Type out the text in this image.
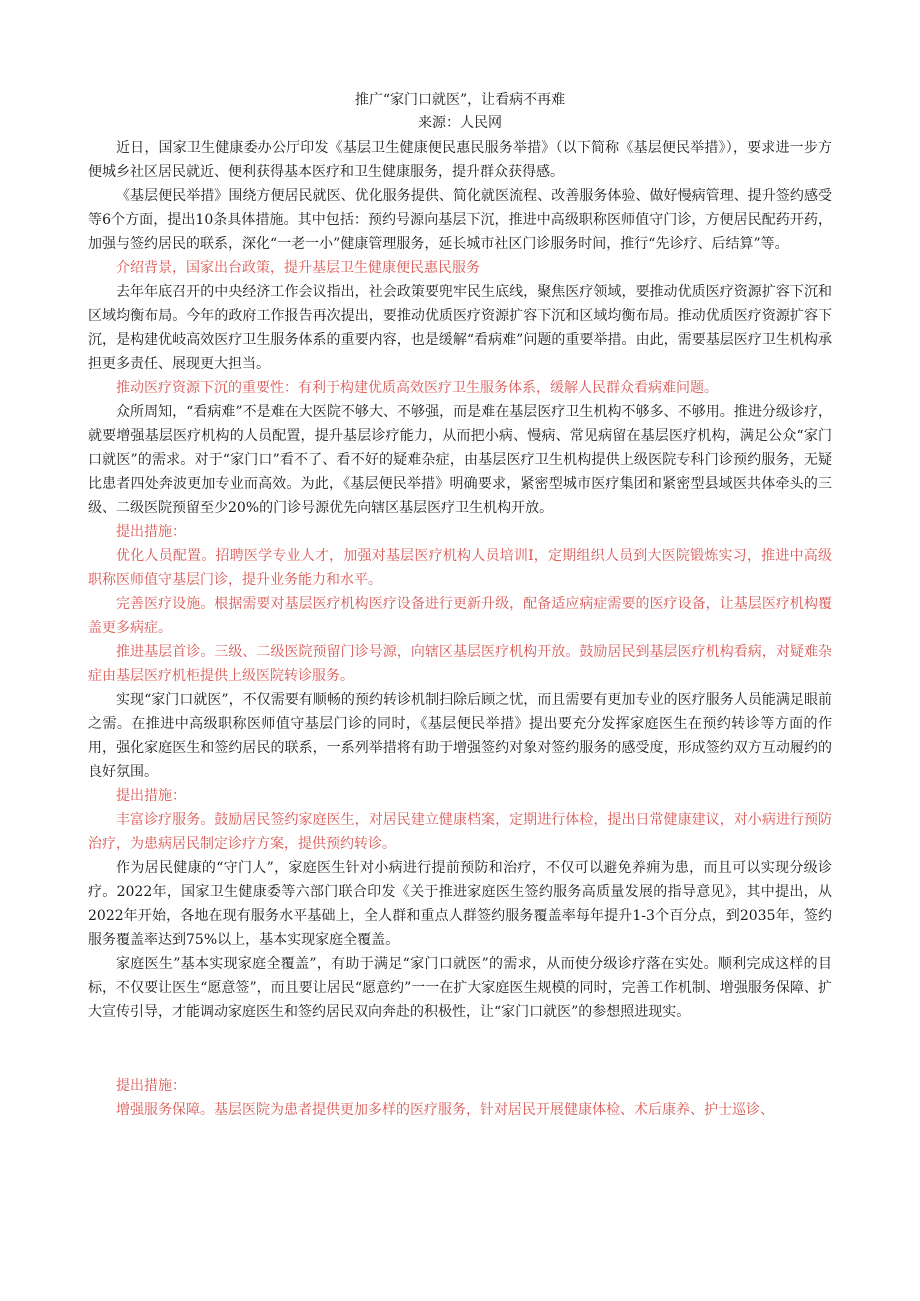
推广“家门口就医”，让看病不再难
来源：人民网

近日，国家卫生健康委办公厅印发《基层卫生健康便民惠民服务举措》（以下简称《基层便民举措》），要求进一步方便城乡社区居民就近、便利获得基本医疗和卫生健康服务，提升群众获得感。

《基层便民举措》围绕方便居民就医、优化服务提供、简化就医流程、改善服务体验、做好慢病管理、提升签约感受等6个方面，提出10条具体措施。其中包括：预约号源向基层下沉，推进中高级职称医师值守门诊，方便居民配药开药，加强与签约居民的联系，深化“一老一小”健康管理服务，延长城市社区门诊服务时间，推行“先诊疗、后结算”等。

介绍背景，国家出台政策，提升基层卫生健康便民惠民服务

去年年底召开的中央经济工作会议指出，社会政策要兜牢民生底线，聚焦医疗领域，要推动优质医疗资源扩容下沉和区域均衡布局。今年的政府工作报告再次提出，要推动优质医疗资源扩容下沉和区域均衡布局。推动优质医疗资源扩容下沉，是构建优岐高效医疗卫生服务体系的重要内容，也是缓解“看病难”问题的重要举措。由此，需要基层医疗卫生机构承担更多责任、展现更大担当。

推动医疗资源下沉的重要性：有利于构建优质高效医疗卫生服务体系，缓解人民群众看病难问题。

众所周知，“看病难”不是难在大医院不够大、不够强，而是难在基层医疗卫生机构不够多、不够用。推进分级诊疗，就要增强基层医疗机构的人员配置，提升基层诊疗能力，从而把小病、慢病、常见病留在基层医疗机构，满足公众“家门口就医”的需求。对于“家门口”看不了、看不好的疑难杂症，由基层医疗卫生机构提供上级医院专科门诊预约服务，无疑比患者四处奔波更加专业而高效。为此，《基层便民举措》明确要求，紧密型城市医疗集团和紧密型县域医共体牵头的三级、二级医院预留至少20%的门诊号源优先向辖区基层医疗卫生机构开放。

提出措施：

优化人员配置。招聘医学专业人才，加强对基层医疗机构人员培训I，定期组织人员到大医院锻炼实习，推进中高级职称医师值守基层门诊，提升业务能力和水平。

完善医疗设施。根据需要对基层医疗机构医疗设备进行更新升级，配备适应病症需要的医疗设备，让基层医疗机构覆盖更多病症。

推进基层首诊。三级、二级医院预留门诊号源，向辖区基层医疗机构开放。鼓励居民到基层医疗机构看病，对疑难杂症由基层医疗机柜提供上级医院转诊服务。

实现“家门口就医”，不仅需要有顺畅的预约转诊机制扫除后顾之忧，而且需要有更加专业的医疗服务人员能满足眼前之需。在推进中高级职称医师值守基层门诊的同时，《基层便民举措》提出要充分发挥家庭医生在预约转诊等方面的作用，强化家庭医生和签约居民的联系，一系列举措将有助于增强签约对象对签约服务的感受度，形成签约双方互动履约的良好氛围。

提出措施：

丰富诊疗服务。鼓励居民签约家庭医生，对居民建立健康档案，定期进行体检，提出日常健康建议，对小病进行预防治疗，为患病居民制定诊疗方案，提供预约转诊。

作为居民健康的“守门人”，家庭医生针对小病进行提前预防和治疗，不仅可以避免养痈为患，而且可以实现分级诊疗。2022年，国家卫生健康委等六部门联合印发《关于推进家庭医生签约服务高质量发展的指导意见》，其中提出，从2022年开始，各地在现有服务水平基础上，全人群和重点人群签约服务覆盖率每年提升1-3个百分点，到2035年，签约服务覆盖率达到75%以上，基本实现家庭全覆盖。

家庭医生”基本实现家庭全覆盖”，有助于满足“家门口就医”的需求，从而使分级诊疗落在实处。顺利完成这样的目标，不仅要让医生“愿意签”，而且要让居民“愿意约”一一在扩大家庭医生规模的同时，完善工作机制、增强服务保障、扩大宣传引导，才能调动家庭医生和签约居民双向奔赴的积极性，让“家门口就医”的参想照进现实。

提出措施：

增强服务保障。基层医院为患者提供更加多样的医疗服务，针对居民开展健康体检、术后康养、护士巡诊、
